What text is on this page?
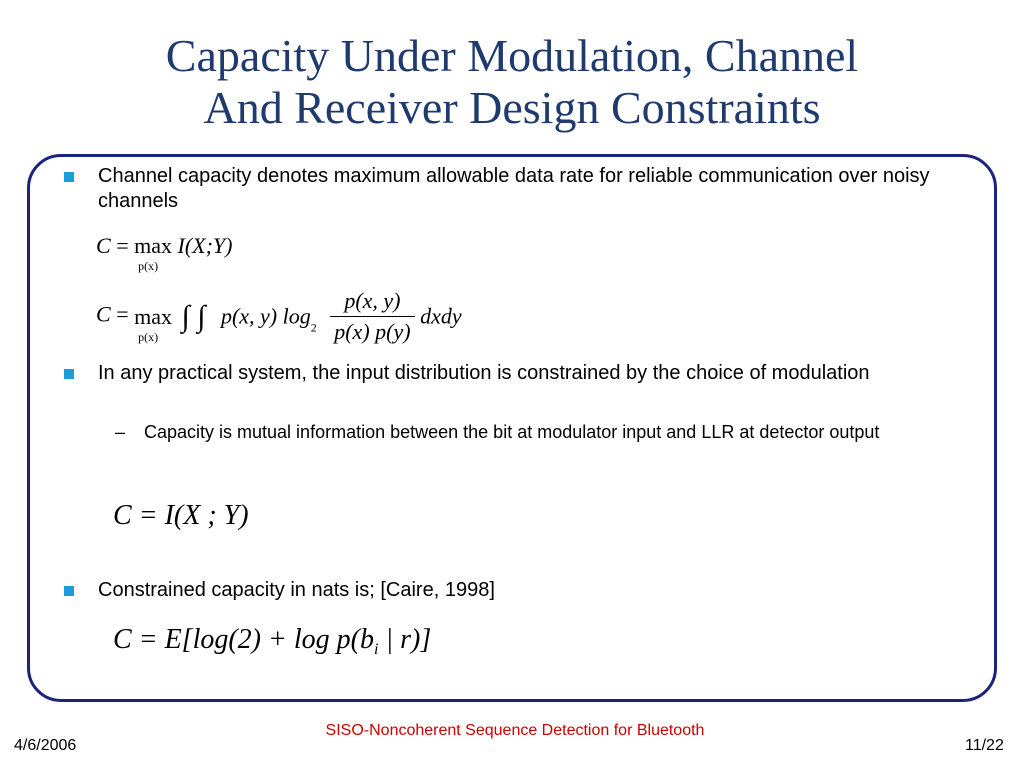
Capacity Under Modulation, Channel
And Receiver Design Constraints
Channel capacity denotes maximum allowable data rate for reliable communication over noisy channels
C = max
p(x)
I(X;Y)
C = max
p(x)
∫ ∫ p(x, y) $\log_2 \frac{p(x, y)}{p(x) p(y)}$ dxdy
In any practical system, the input distribution is constrained by the choice of modulation
– Capacity is mutual information between the bit at modulator input and LLR at detector output
C = I(X ; Y)
Constrained capacity in nats is; [Caire, 1998]
$C = E[\log(2) + \log p(b_i$ | r)]
4/6/2006
SISO-Noncoherent Sequence Detection for Bluetooth
11/22
